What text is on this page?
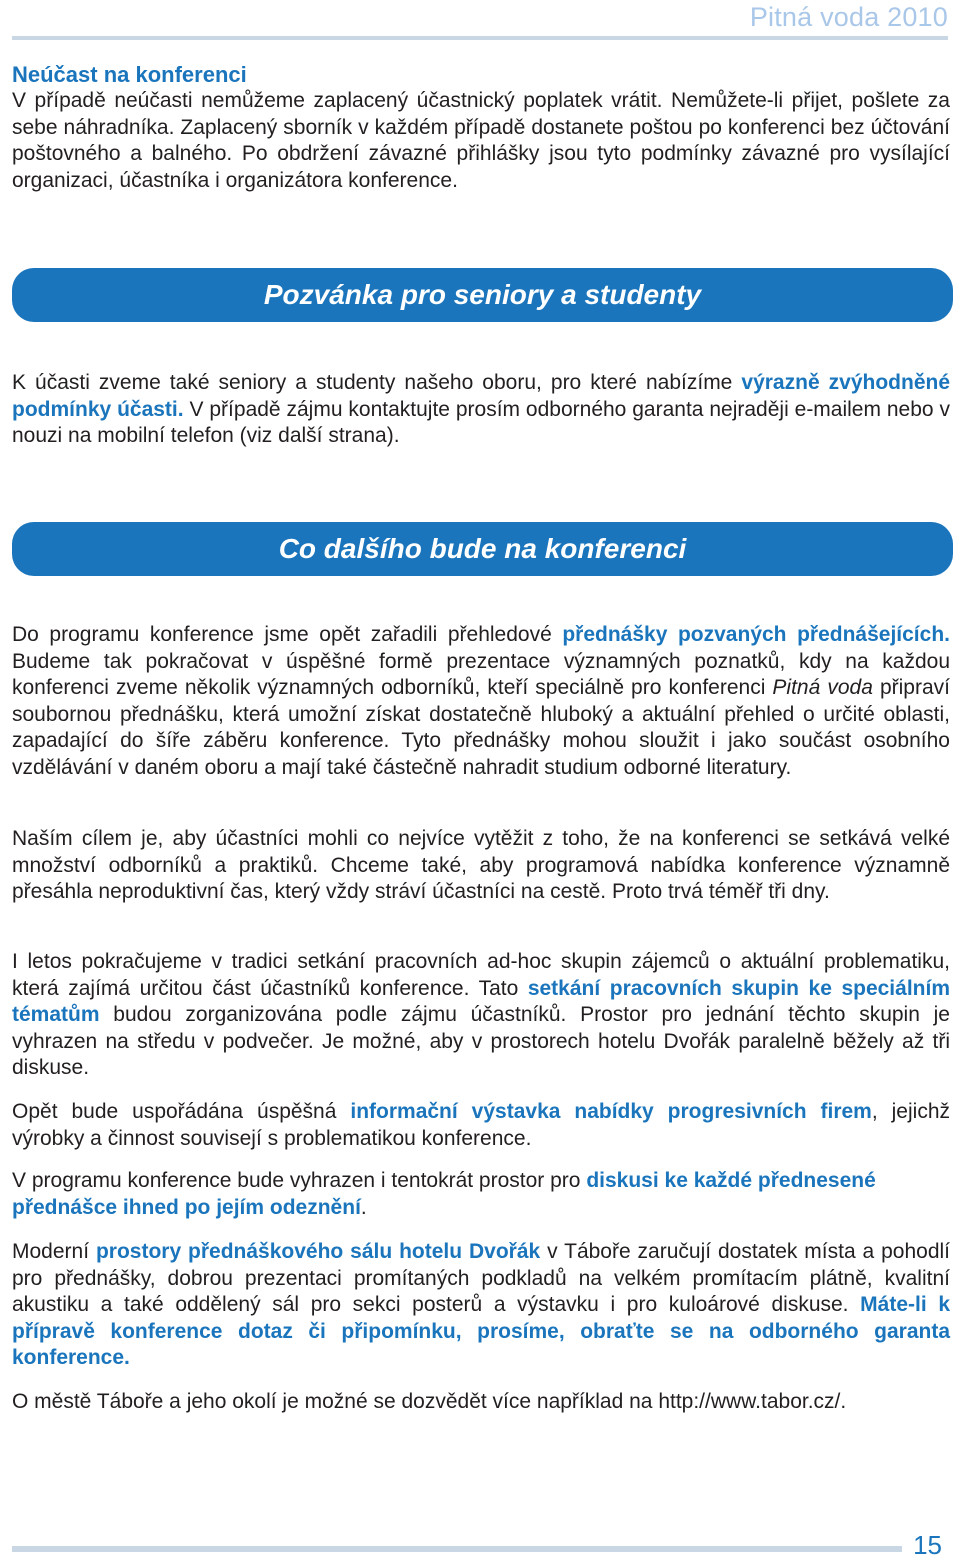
Pitná voda 2010
Neúčast na konferenci

V případě neúčasti nemůžeme zaplacený účastnický poplatek vrátit. Nemůžete-li přijet, pošlete za sebe náhradníka. Zaplacený sborník v každém případě dostanete poštou po konferenci bez účtování poštovného a balného. Po obdržení závazné přihlášky jsou tyto podmínky závazné pro vysílající organizaci, účastníka i organizátora konference.

Pozvánka pro seniory a studenty

K účasti zveme také seniory a studenty našeho oboru, pro které nabízíme výrazně zvýhodněné podmínky účasti. V případě zájmu kontaktujte prosím odborného garanta nejraději e-mailem nebo v nouzi na mobilní telefon (viz další strana).

Co dalšího bude na konferenci

Do programu konference jsme opět zařadili přehledové přednášky pozvaných přednášejících. Budeme tak pokračovat v úspěšné formě prezentace významných poznatků, kdy na každou konferenci zveme několik významných odborníků, kteří speciálně pro konferenci Pitná voda připraví soubornou přednášku, která umožní získat dostatečně hluboký a aktuální přehled o určité oblasti, zapadající do šíře záběru konference. Tyto přednášky mohou sloužit i jako součást osobního vzdělávání v daném oboru a mají také částečně nahradit studium odborné literatury.

Naším cílem je, aby účastníci mohli co nejvíce vytěžit z toho, že na konferenci se setkává velké množství odborníků a praktiků. Chceme také, aby programová nabídka konference významně přesáhla neproduktivní čas, který vždy stráví účastníci na cestě. Proto trvá téměř tři dny.

I letos pokračujeme v tradici setkání pracovních ad-hoc skupin zájemců o aktuální problematiku, která zajímá určitou část účastníků konference. Tato setkání pracovních skupin ke speciálním tématům budou zorganizována podle zájmu účastníků. Prostor pro jednání těchto skupin je vyhrazen na středu v podvečer. Je možné, aby v prostorech hotelu Dvořák paralelně běžely až tři diskuse.

Opět bude uspořádána úspěšná informační výstavka nabídky progresivních firem, jejichž výrobky a činnost souvisejí s problematikou konference.

V programu konference bude vyhrazen i tentokrát prostor pro diskusi ke každé přednesené přednášce ihned po jejím odeznění.

Moderní prostory přednáškového sálu hotelu Dvořák v Táboře zaručují dostatek místa a pohodlí pro přednášky, dobrou prezentaci promítaných podkladů na velkém promítacím plátně, kvalitní akustiku a také oddělený sál pro sekci posterů a výstavku i pro kuloárové diskuse. Máte-li k přípravě konference dotaz či připomínku, prosíme, obraťte se na odborného garanta konference.

O městě Táboře a jeho okolí je možné se dozvědět více například na http://www.tabor.cz/.

15
